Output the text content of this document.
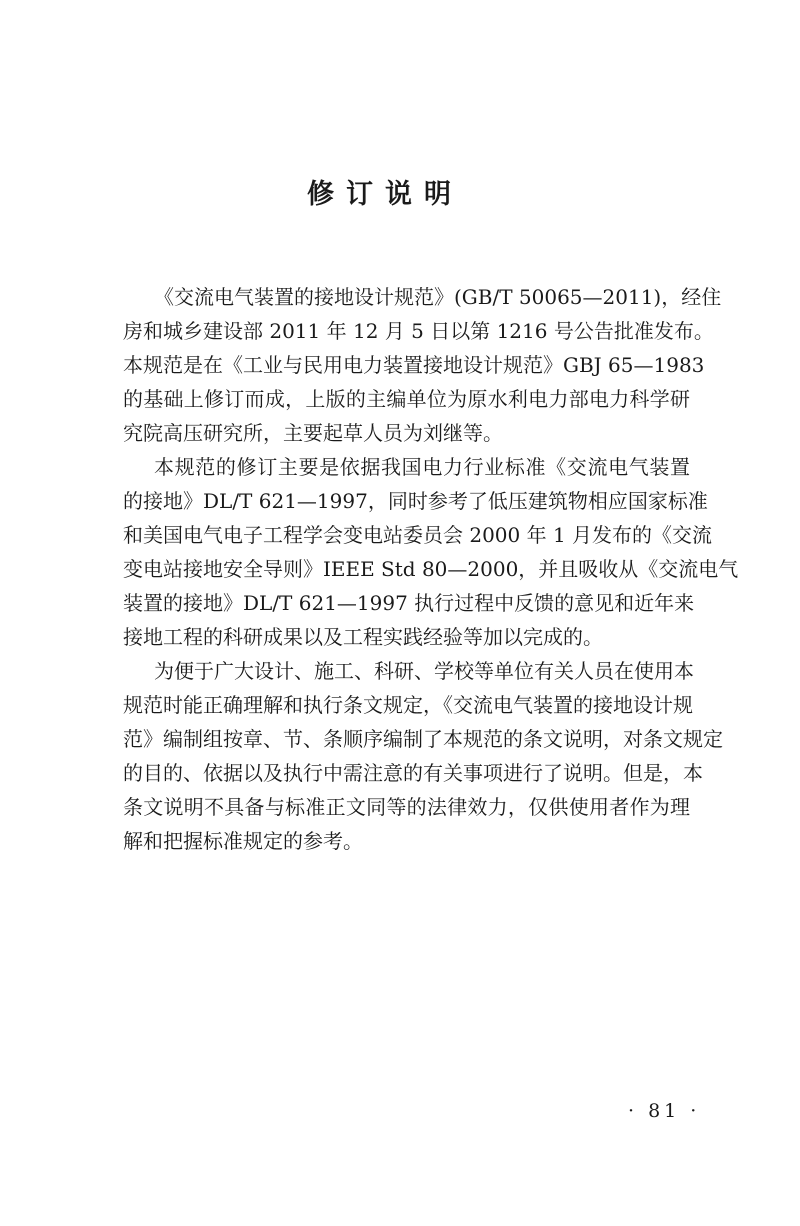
修订说明
《交流电气装置的接地设计规范》(GB/T 50065—2011)，经住
房和城乡建设部 2011 年 12 月 5 日以第 1216 号公告批准发布。
本规范是在《工业与民用电力装置接地设计规范》GBJ 65—1983
的基础上修订而成，上版的主编单位为原水利电力部电力科学研
究院高压研究所，主要起草人员为刘继等。
本规范的修订主要是依据我国电力行业标准《交流电气装置
的接地》DL/T 621—1997，同时参考了低压建筑物相应国家标准
和美国电气电子工程学会变电站委员会 2000 年 1 月发布的《交流
变电站接地安全导则》IEEE Std 80—2000，并且吸收从《交流电气
装置的接地》DL/T 621—1997 执行过程中反馈的意见和近年来
接地工程的科研成果以及工程实践经验等加以完成的。
为便于广大设计、施工、科研、学校等单位有关人员在使用本
规范时能正确理解和执行条文规定，《交流电气装置的接地设计规
范》编制组按章、节、条顺序编制了本规范的条文说明，对条文规定
的目的、依据以及执行中需注意的有关事项进行了说明。但是，本
条文说明不具备与标准正文同等的法律效力，仅供使用者作为理
解和把握标准规定的参考。
· 81 ·
